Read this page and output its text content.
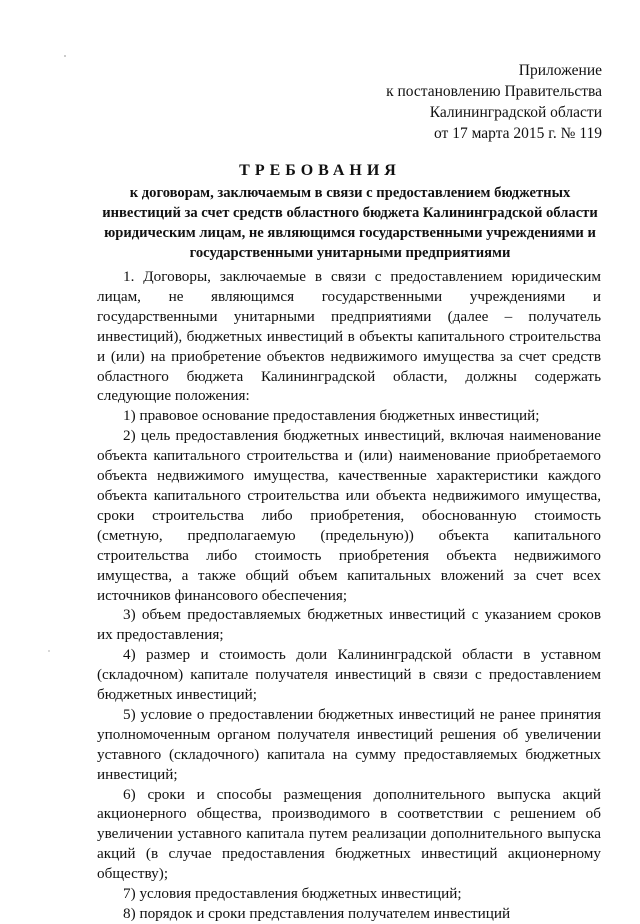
Приложение
к постановлению Правительства
Калининградской области
от 17 марта 2015 г. № 119
ТРЕБОВАНИЯ
к договорам, заключаемым в связи с предоставлением бюджетных инвестиций за счет средств областного бюджета Калининградской области юридическим лицам, не являющимся государственными учреждениями и государственными унитарными предприятиями

1. Договоры, заключаемые в связи с предоставлением юридическим лицам, не являющимся государственными учреждениями и государственными унитарными предприятиями (далее – получатель инвестиций), бюджетных инвестиций в объекты капитального строительства и (или) на приобретение объектов недвижимого имущества за счет средств областного бюджета Калининградской области, должны содержать следующие положения:

1) правовое основание предоставления бюджетных инвестиций;

2) цель предоставления бюджетных инвестиций, включая наименование объекта капитального строительства и (или) наименование приобретаемого объекта недвижимого имущества, качественные характеристики каждого объекта капитального строительства или объекта недвижимого имущества, сроки строительства либо приобретения, обоснованную стоимость (сметную, предполагаемую (предельную)) объекта капитального строительства либо стоимость приобретения объекта недвижимого имущества, а также общий объем капитальных вложений за счет всех источников финансового обеспечения;

3) объем предоставляемых бюджетных инвестиций с указанием сроков их предоставления;

4) размер и стоимость доли Калининградской области в уставном (складочном) капитале получателя инвестиций в связи с предоставлением бюджетных инвестиций;

5) условие о предоставлении бюджетных инвестиций не ранее принятия уполномоченным органом получателя инвестиций решения об увеличении уставного (складочного) капитала на сумму предоставляемых бюджетных инвестиций;

6) сроки и способы размещения дополнительного выпуска акций акционерного общества, производимого в соответствии с решением об увеличении уставного капитала путем реализации дополнительного выпуска акций (в случае предоставления бюджетных инвестиций акционерному обществу);

7) условия предоставления бюджетных инвестиций;

8) порядок и сроки представления получателем инвестиций
